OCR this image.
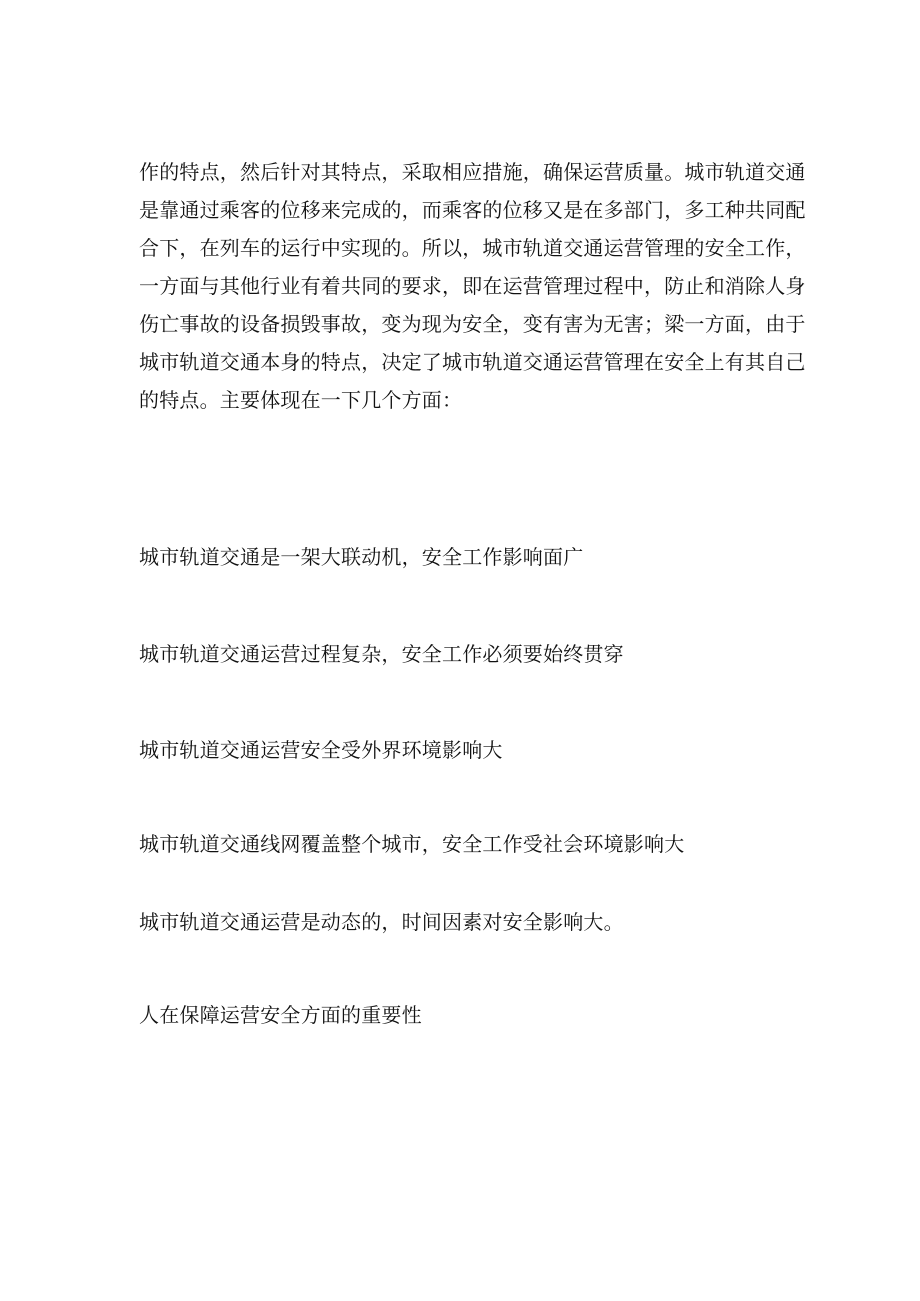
作的特点，然后针对其特点，采取相应措施，确保运营质量。城市轨道交通
是靠通过乘客的位移来完成的，而乘客的位移又是在多部门，多工种共同配
合下，在列车的运行中实现的。所以，城市轨道交通运营管理的安全工作，
一方面与其他行业有着共同的要求，即在运营管理过程中，防止和消除人身
伤亡事故的设备损毁事故，变为现为安全，变有害为无害；梁一方面，由于
城市轨道交通本身的特点，决定了城市轨道交通运营管理在安全上有其自己
的特点。主要体现在一下几个方面：
城市轨道交通是一架大联动机，安全工作影响面广
城市轨道交通运营过程复杂，安全工作必须要始终贯穿
城市轨道交通运营安全受外界环境影响大
城市轨道交通线网覆盖整个城市，安全工作受社会环境影响大
城市轨道交通运营是动态的，时间因素对安全影响大。
人在保障运营安全方面的重要性
